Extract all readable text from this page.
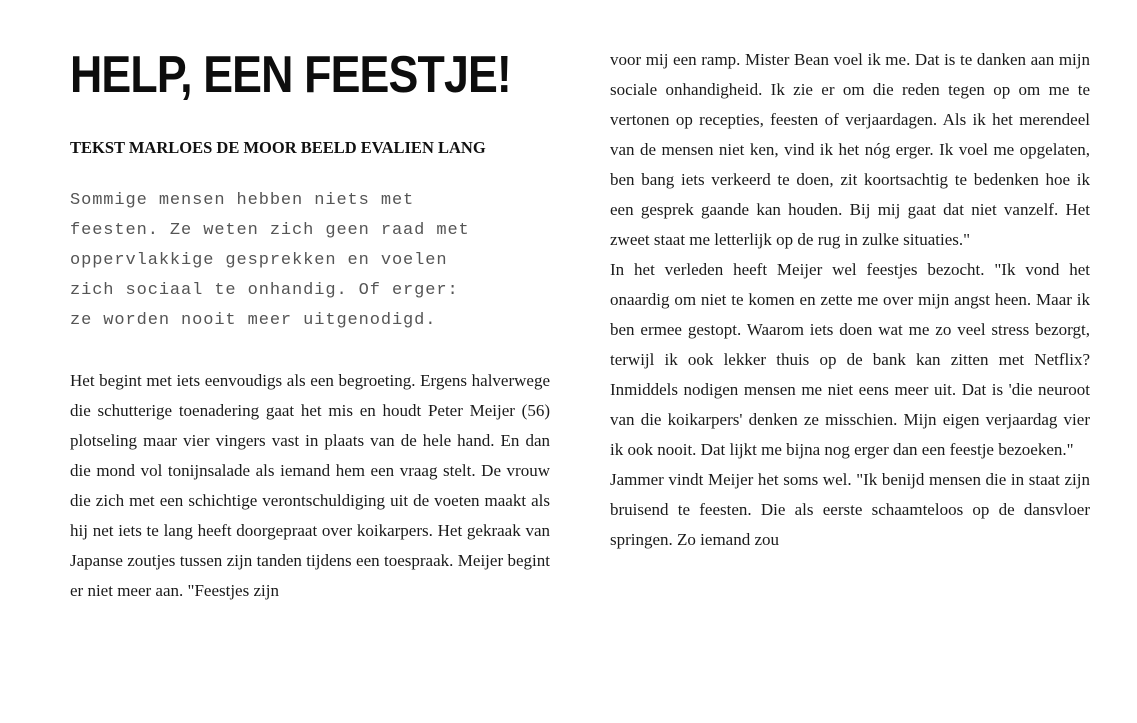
HELP, EEN FEESTJE!
TEKST MARLOES DE MOOR BEELD EVALIEN LANG
Sommige mensen hebben niets met
feesten. Ze weten zich geen raad met
oppervlakkige gesprekken en voelen
zich sociaal te onhandig. Of erger:
ze worden nooit meer uitgenodigd.

Het begint met iets eenvoudigs als een begroeting. Ergens halverwege die schutterige toenadering gaat het mis en houdt Peter Meijer (56) plotseling maar vier vingers vast in plaats van de hele hand. En dan die mond vol tonijnsalade als iemand hem een vraag stelt. De vrouw die zich met een schichtige verontschuldiging uit de voeten maakt als hij net iets te lang heeft doorgepraat over koikarpers. Het gekraak van Japanse zoutjes tussen zijn tanden tijdens een toespraak. Meijer begint er niet meer aan. "Feestjes zijn

voor mij een ramp. Mister Bean voel ik me. Dat is te danken aan mijn sociale onhandigheid. Ik zie er om die reden tegen op om me te vertonen op recepties, feesten of verjaardagen. Als ik het merendeel van de mensen niet ken, vind ik het nóg erger. Ik voel me opgelaten, ben bang iets verkeerd te doen, zit koortsachtig te bedenken hoe ik een gesprek gaande kan houden. Bij mij gaat dat niet vanzelf. Het zweet staat me letterlijk op de rug in zulke situaties."
In het verleden heeft Meijer wel feestjes bezocht. "Ik vond het onaardig om niet te komen en zette me over mijn angst heen. Maar ik ben ermee gestopt. Waarom iets doen wat me zo veel stress bezorgt, terwijl ik ook lekker thuis op de bank kan zitten met Netflix? Inmiddels nodigen mensen me niet eens meer uit. Dat is 'die neuroot van die koikarpers' denken ze misschien. Mijn eigen verjaardag vier ik ook nooit. Dat lijkt me bijna nog erger dan een feestje bezoeken."
Jammer vindt Meijer het soms wel. "Ik benijd mensen die in staat zijn bruisend te feesten. Die als eerste schaamteloos op de dansvloer springen. Zo iemand zou
